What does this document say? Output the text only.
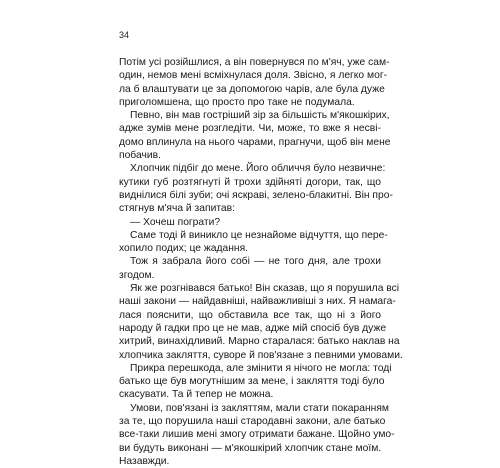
34

Потім усі розійшлися, а він повернувся по м'яч, уже сам-
один, немов мені всміхнулася доля. Звісно, я легко мог-
ла б влаштувати це за допомогою чарів, але була дуже
приголомшена, що просто про таке не подумала.
Певно, він мав гостріший зір за більшість м'якошкірих,
адже зумів мене розгледіти. Чи, може, то вже я несві-
домо вплинула на нього чарами, прагнучи, щоб він мене
побачив.
Хлопчик підбіг до мене. Його обличчя було незвичне:
кутики губ розтягнуті й трохи здійняті догори, так, що
виднілися білі зуби; очі яскраві, зелено-блакитні. Він про-
стягнув м'яча й запитав:
— Хочеш пограти?
Саме тоді й виникло це незнайоме відчуття, що пере-
хопило подих; це жадання.
Тож я забрала його собі — не того дня, але трохи
згодом.
Як же розгнівався батько! Він сказав, що я порушила всі
наші закони — найдавніші, найважливіші з них. Я намага-
лася пояснити, що обставила все так, що ні з його
народу й гадки про це не мав, адже мій спосіб був дуже
хитрий, винахідливий. Марно старалася: батько наклав на
хлопчика закляття, суворе й пов'язане з певними умовами.
Прикра перешкода, але змінити я нічого не могла: тоді
батько ще був могутнішим за мене, і закляття тоді було
скасувати. Та й тепер не можна.
Умови, пов'язані із закляттям, мали стати покаранням
за те, що порушила наші стародавні закони, але батько
все-таки лишив мені змогу отримати бажане. Щойно умо-
ви будуть виконані — м'якошкірий хлопчик стане моїм.
Назавжди.
